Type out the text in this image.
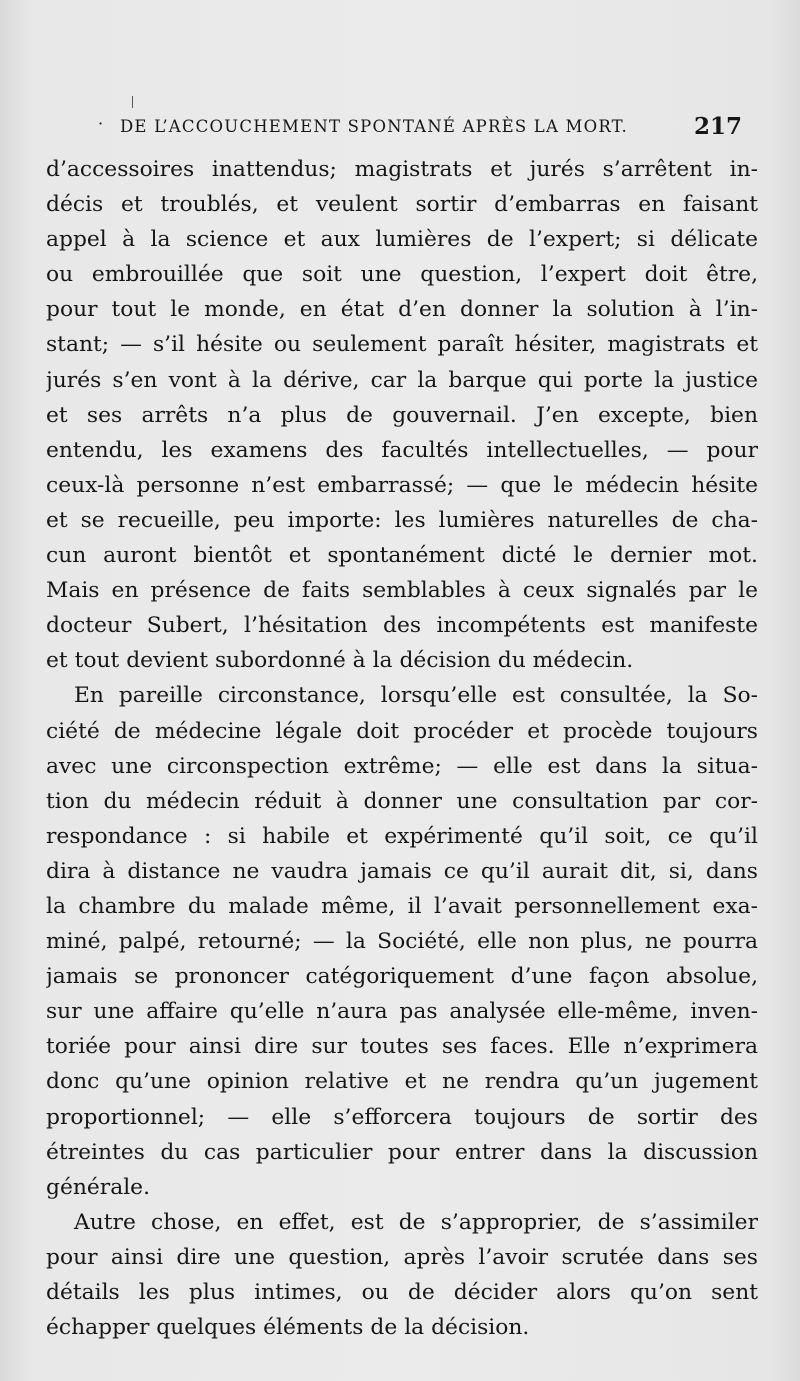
· DE L’ACCOUCHEMENT SPONTANÉ APRÈS LA MORT.	217
d’accessoires inattendus; magistrats et jurés s’arrêtent in-
décis et troublés, et veulent sortir d’embarras en faisant
appel à la science et aux lumières de l’expert; si délicate
ou embrouillée que soit une question, l’expert doit être,
pour tout le monde, en état d’en donner la solution à l’in-
stant; — s’il hésite ou seulement paraît hésiter, magistrats et
jurés s’en vont à la dérive, car la barque qui porte la justice
et ses arrêts n’a plus de gouvernail. J’en excepte, bien
entendu, les examens des facultés intellectuelles, — pour
ceux-là personne n’est embarrassé; — que le médecin hésite
et se recueille, peu importe: les lumières naturelles de cha-
cun auront bientôt et spontanément dicté le dernier mot.
Mais en présence de faits semblables à ceux signalés par le
docteur Subert, l’hésitation des incompétents est manifeste
et tout devient subordonné à la décision du médecin.
En pareille circonstance, lorsqu’elle est consultée, la So-
ciété de médecine légale doit procéder et procède toujours
avec une circonspection extrême; — elle est dans la situa-
tion du médecin réduit à donner une consultation par cor-
respondance : si habile et expérimenté qu’il soit, ce qu’il
dira à distance ne vaudra jamais ce qu’il aurait dit, si, dans
la chambre du malade même, il l’avait personnellement exa-
miné, palpé, retourné; — la Société, elle non plus, ne pourra
jamais se prononcer catégoriquement d’une façon absolue,
sur une affaire qu’elle n’aura pas analysée elle-même, inven-
toriée pour ainsi dire sur toutes ses faces. Elle n’exprimera
donc qu’une opinion relative et ne rendra qu’un jugement
proportionnel; — elle s’efforcera toujours de sortir des
étreintes du cas particulier pour entrer dans la discussion
générale.
Autre chose, en effet, est de s’approprier, de s’assimiler
pour ainsi dire une question, après l’avoir scrutée dans ses
détails les plus intimes, ou de décider alors qu’on sent
échapper quelques éléments de la décision.
